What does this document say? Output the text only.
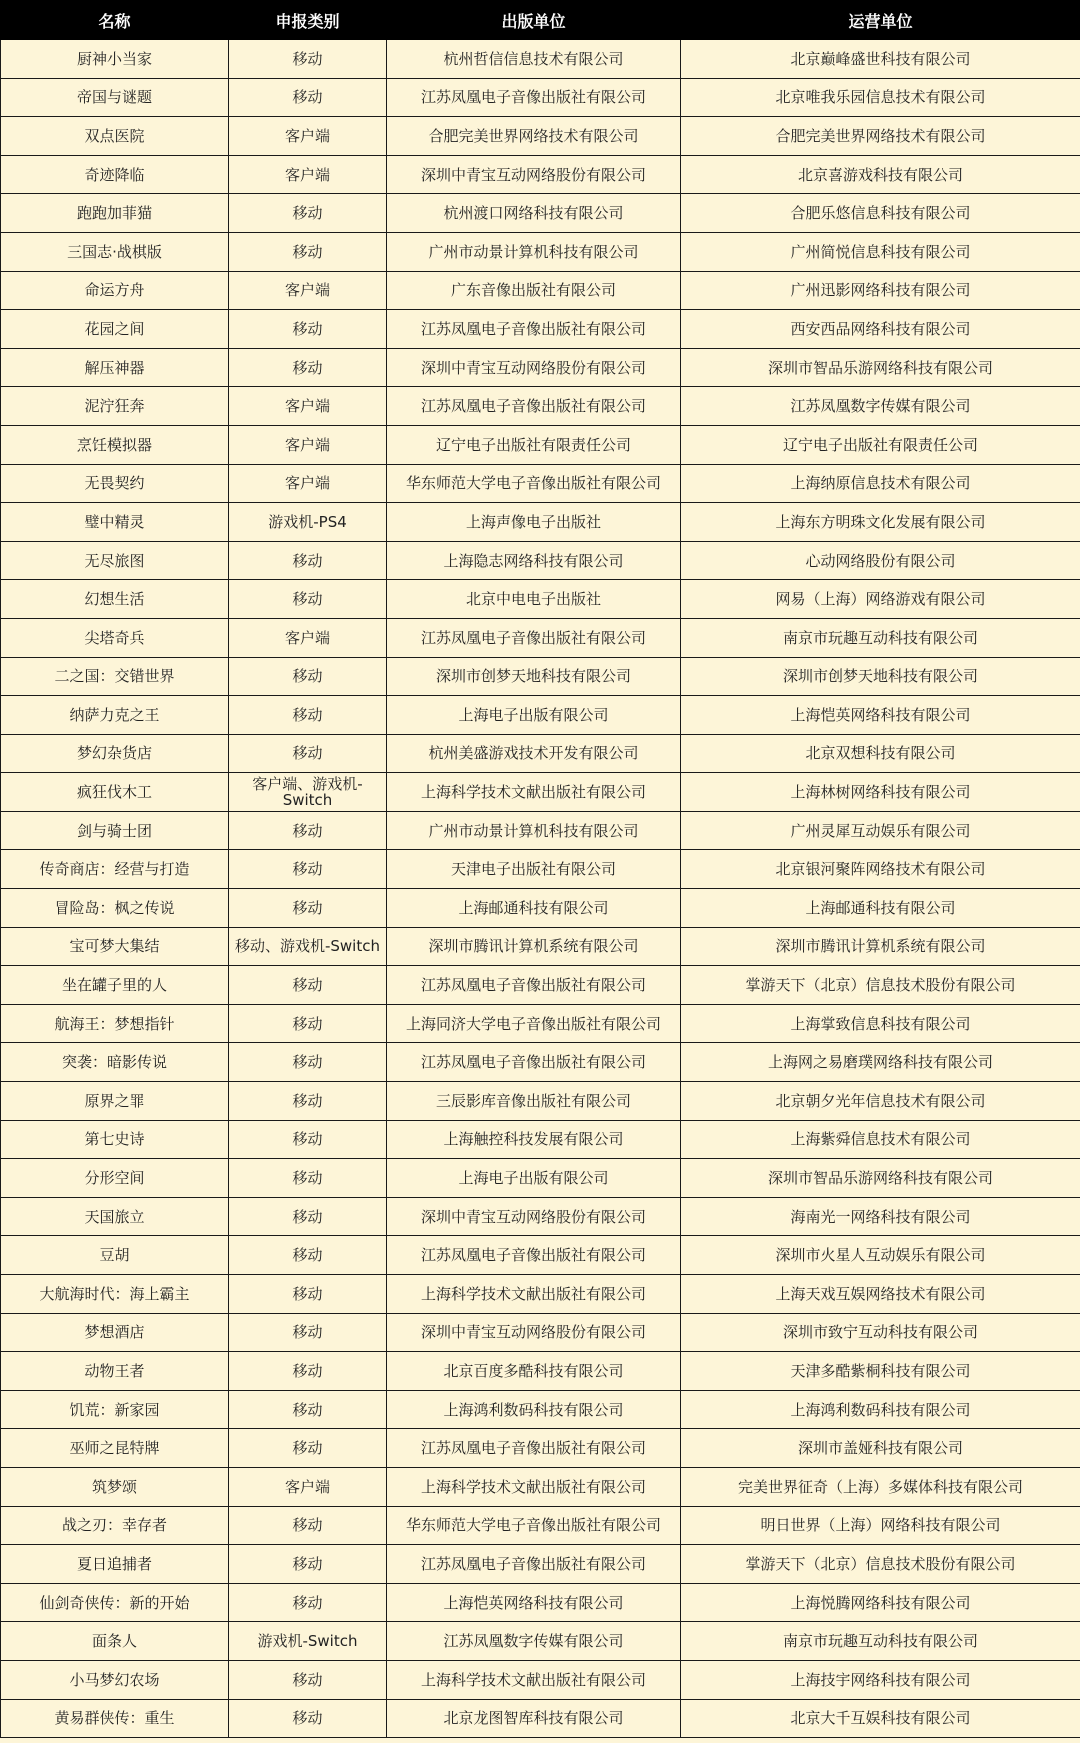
名称	申报类别	出版单位	运营单位
厨神小当家	移动	杭州哲信信息技术有限公司	北京巅峰盛世科技有限公司
帝国与谜题	移动	江苏凤凰电子音像出版社有限公司	北京唯我乐园信息技术有限公司
双点医院	客户端	合肥完美世界网络技术有限公司	合肥完美世界网络技术有限公司
奇迹降临	客户端	深圳中青宝互动网络股份有限公司	北京喜游戏科技有限公司
跑跑加菲猫	移动	杭州渡口网络科技有限公司	合肥乐悠信息科技有限公司
三国志·战棋版	移动	广州市动景计算机科技有限公司	广州简悦信息科技有限公司
命运方舟	客户端	广东音像出版社有限公司	广州迅影网络科技有限公司
花园之间	移动	江苏凤凰电子音像出版社有限公司	西安西品网络科技有限公司
解压神器	移动	深圳中青宝互动网络股份有限公司	深圳市智品乐游网络科技有限公司
泥泞狂奔	客户端	江苏凤凰电子音像出版社有限公司	江苏凤凰数字传媒有限公司
烹饪模拟器	客户端	辽宁电子出版社有限责任公司	辽宁电子出版社有限责任公司
无畏契约	客户端	华东师范大学电子音像出版社有限公司	上海纳原信息技术有限公司
璧中精灵	游戏机-PS4	上海声像电子出版社	上海东方明珠文化发展有限公司
无尽旅图	移动	上海隐志网络科技有限公司	心动网络股份有限公司
幻想生活	移动	北京中电电子出版社	网易（上海）网络游戏有限公司
尖塔奇兵	客户端	江苏凤凰电子音像出版社有限公司	南京市玩趣互动科技有限公司
二之国：交错世界	移动	深圳市创梦天地科技有限公司	深圳市创梦天地科技有限公司
纳萨力克之王	移动	上海电子出版有限公司	上海恺英网络科技有限公司
梦幻杂货店	移动	杭州美盛游戏技术开发有限公司	北京双想科技有限公司
疯狂伐木工	客户端、游戏机-Switch	上海科学技术文献出版社有限公司	上海林树网络科技有限公司
剑与骑士团	移动	广州市动景计算机科技有限公司	广州灵犀互动娱乐有限公司
传奇商店：经营与打造	移动	天津电子出版社有限公司	北京银河聚阵网络技术有限公司
冒险岛：枫之传说	移动	上海邮通科技有限公司	上海邮通科技有限公司
宝可梦大集结	移动、游戏机-Switch	深圳市腾讯计算机系统有限公司	深圳市腾讯计算机系统有限公司
坐在罐子里的人	移动	江苏凤凰电子音像出版社有限公司	掌游天下（北京）信息技术股份有限公司
航海王：梦想指针	移动	上海同济大学电子音像出版社有限公司	上海掌致信息科技有限公司
突袭：暗影传说	移动	江苏凤凰电子音像出版社有限公司	上海网之易磨璞网络科技有限公司
原界之罪	移动	三辰影库音像出版社有限公司	北京朝夕光年信息技术有限公司
第七史诗	移动	上海触控科技发展有限公司	上海紫舜信息技术有限公司
分形空间	移动	上海电子出版有限公司	深圳市智品乐游网络科技有限公司
天国旅立	移动	深圳中青宝互动网络股份有限公司	海南光一网络科技有限公司
豆胡	移动	江苏凤凰电子音像出版社有限公司	深圳市火星人互动娱乐有限公司
大航海时代：海上霸主	移动	上海科学技术文献出版社有限公司	上海天戏互娱网络技术有限公司
梦想酒店	移动	深圳中青宝互动网络股份有限公司	深圳市致宁互动科技有限公司
动物王者	移动	北京百度多酷科技有限公司	天津多酷紫桐科技有限公司
饥荒：新家园	移动	上海鸿利数码科技有限公司	上海鸿利数码科技有限公司
巫师之昆特牌	移动	江苏凤凰电子音像出版社有限公司	深圳市盖娅科技有限公司
筑梦颂	客户端	上海科学技术文献出版社有限公司	完美世界征奇（上海）多媒体科技有限公司
战之刃：幸存者	移动	华东师范大学电子音像出版社有限公司	明日世界（上海）网络科技有限公司
夏日追捕者	移动	江苏凤凰电子音像出版社有限公司	掌游天下（北京）信息技术股份有限公司
仙剑奇侠传：新的开始	移动	上海恺英网络科技有限公司	上海悦腾网络科技有限公司
面条人	游戏机-Switch	江苏凤凰数字传媒有限公司	南京市玩趣互动科技有限公司
小马梦幻农场	移动	上海科学技术文献出版社有限公司	上海技宇网络科技有限公司
黄易群侠传：重生	移动	北京龙图智库科技有限公司	北京大千互娱科技有限公司
